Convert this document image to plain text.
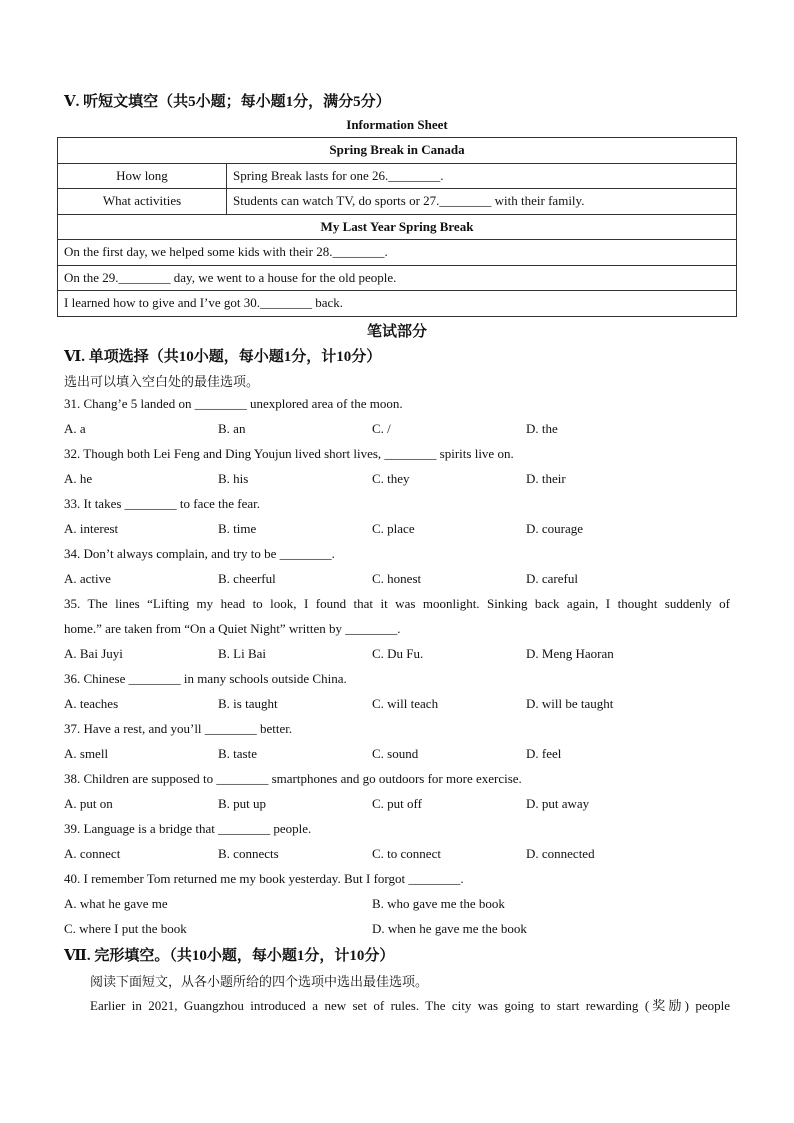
Ⅴ. 听短文填空（共5小题；每小题1分，满分5分）
Information Sheet
Spring Break in Canada	
How long	Spring Break lasts for one 26.________.
What activities	Students can watch TV, do sports or 27.________ with their family.
My Last Year Spring Break	
On the first day, we helped some kids with their 28.________.	
On the 29.________ day, we went to a house for the old people.	
I learned how to give and I’ve got 30.________ back.	
笔试部分
Ⅵ. 单项选择（共10小题，每小题1分，计10分）
选出可以填入空白处的最佳选项。
31. Chang’e 5 landed on ________ unexplored area of the moon.
A. a	B. an	C. /	D. the
32. Though both Lei Feng and Ding Youjun lived short lives, ________ spirits live on.
A. he	B. his	C. they	D. their
33. It takes ________ to face the fear.
A. interest	B. time	C. place	D. courage
34. Don’t always complain, and try to be ________.
A. active	B. cheerful	C. honest	D. careful
35. The lines “Lifting my head to look, I found that it was moonlight. Sinking back again, I thought suddenly of
home.” are taken from “On a Quiet Night” written by ________.
A. Bai Juyi	B. Li Bai	C. Du Fu.	D. Meng Haoran
36. Chinese ________ in many schools outside China.
A. teaches	B. is taught	C. will teach	D. will be taught
37. Have a rest, and you’ll ________ better.
A. smell	B. taste	C. sound	D. feel
38. Children are supposed to ________ smartphones and go outdoors for more exercise.
A. put on	B. put up	C. put off	D. put away
39. Language is a bridge that ________ people.
A. connect	B. connects	C. to connect	D. connected
40. I remember Tom returned me my book yesterday. But I forgot ________.
A. what he gave me	B. who gave me the book
C. where I put the book	D. when he gave me the book
Ⅶ. 完形填空。（共10小题，每小题1分，计10分）
阅读下面短文，从各小题所给的四个选项中选出最佳选项。
Earlier in 2021, Guangzhou introduced a new set of rules. The city was going to start rewarding (奖励) people
